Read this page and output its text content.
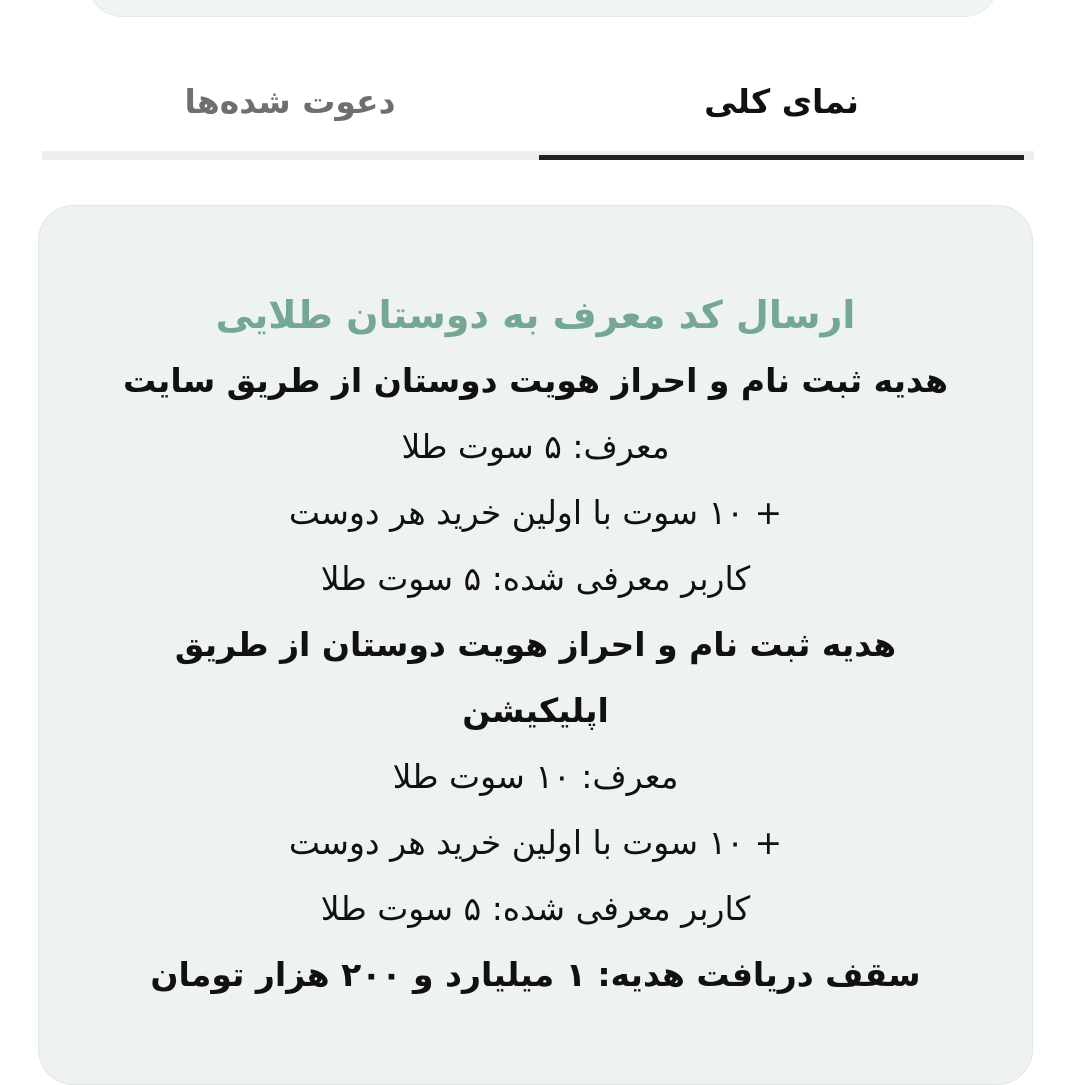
نمای کلی
دعوت شده‌ها

ارسال کد معرف به دوستان طلایی

هدیه ثبت نام و احراز هویت دوستان از طریق سایت

معرف: ۵ سوت طلا

+ ۱۰ سوت با اولین خرید هر دوست

کاربر معرفی شده: ۵ سوت طلا

هدیه ثبت نام و احراز هویت دوستان از طریق اپلیکیشن

معرف: ۱۰ سوت طلا

+ ۱۰ سوت با اولین خرید هر دوست

کاربر معرفی شده: ۵ سوت طلا

سقف دریافت هدیه: ۱ میلیارد و ۲۰۰ هزار تومان
